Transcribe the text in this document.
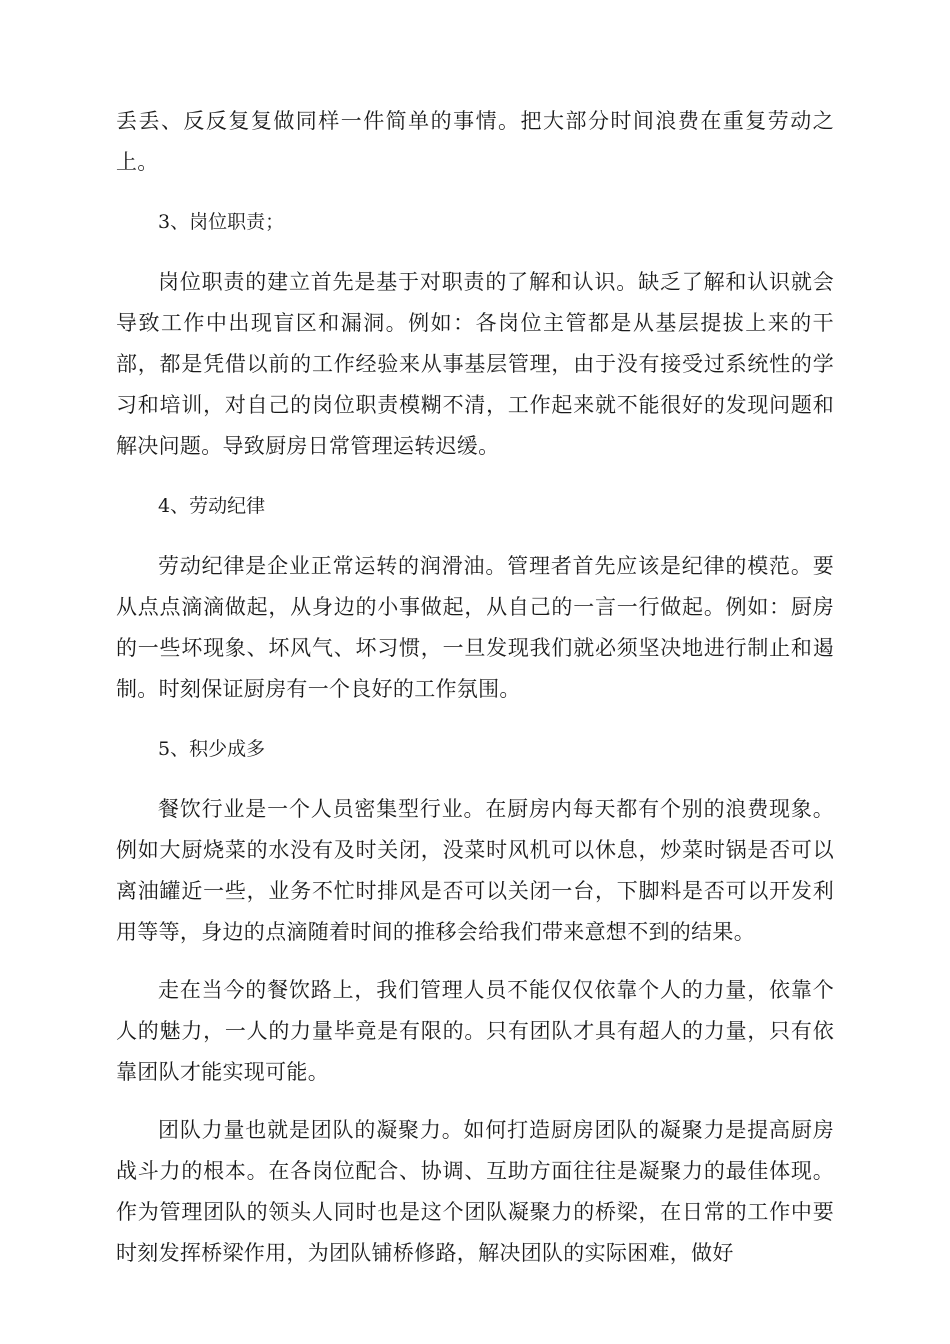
丢丢、反反复复做同样一件简单的事情。把大部分时间浪费在重复劳动之上。

3、岗位职责；

岗位职责的建立首先是基于对职责的了解和认识。缺乏了解和认识就会导致工作中出现盲区和漏洞。例如：各岗位主管都是从基层提拔上来的干部，都是凭借以前的工作经验来从事基层管理，由于没有接受过系统性的学习和培训，对自己的岗位职责模糊不清，工作起来就不能很好的发现问题和解决问题。导致厨房日常管理运转迟缓。

4、劳动纪律

劳动纪律是企业正常运转的润滑油。管理者首先应该是纪律的模范。要从点点滴滴做起，从身边的小事做起，从自己的一言一行做起。例如：厨房的一些坏现象、坏风气、坏习惯，一旦发现我们就必须坚决地进行制止和遏制。时刻保证厨房有一个良好的工作氛围。

5、积少成多

餐饮行业是一个人员密集型行业。在厨房内每天都有个别的浪费现象。例如大厨烧菜的水没有及时关闭，没菜时风机可以休息，炒菜时锅是否可以离油罐近一些，业务不忙时排风是否可以关闭一台，下脚料是否可以开发利用等等，身边的点滴随着时间的推移会给我们带来意想不到的结果。

走在当今的餐饮路上，我们管理人员不能仅仅依靠个人的力量，依靠个人的魅力，一人的力量毕竟是有限的。只有团队才具有超人的力量，只有依靠团队才能实现可能。

团队力量也就是团队的凝聚力。如何打造厨房团队的凝聚力是提高厨房战斗力的根本。在各岗位配合、协调、互助方面往往是凝聚力的最佳体现。作为管理团队的领头人同时也是这个团队凝聚力的桥梁，在日常的工作中要时刻发挥桥梁作用，为团队铺桥修路，解决团队的实际困难，做好
